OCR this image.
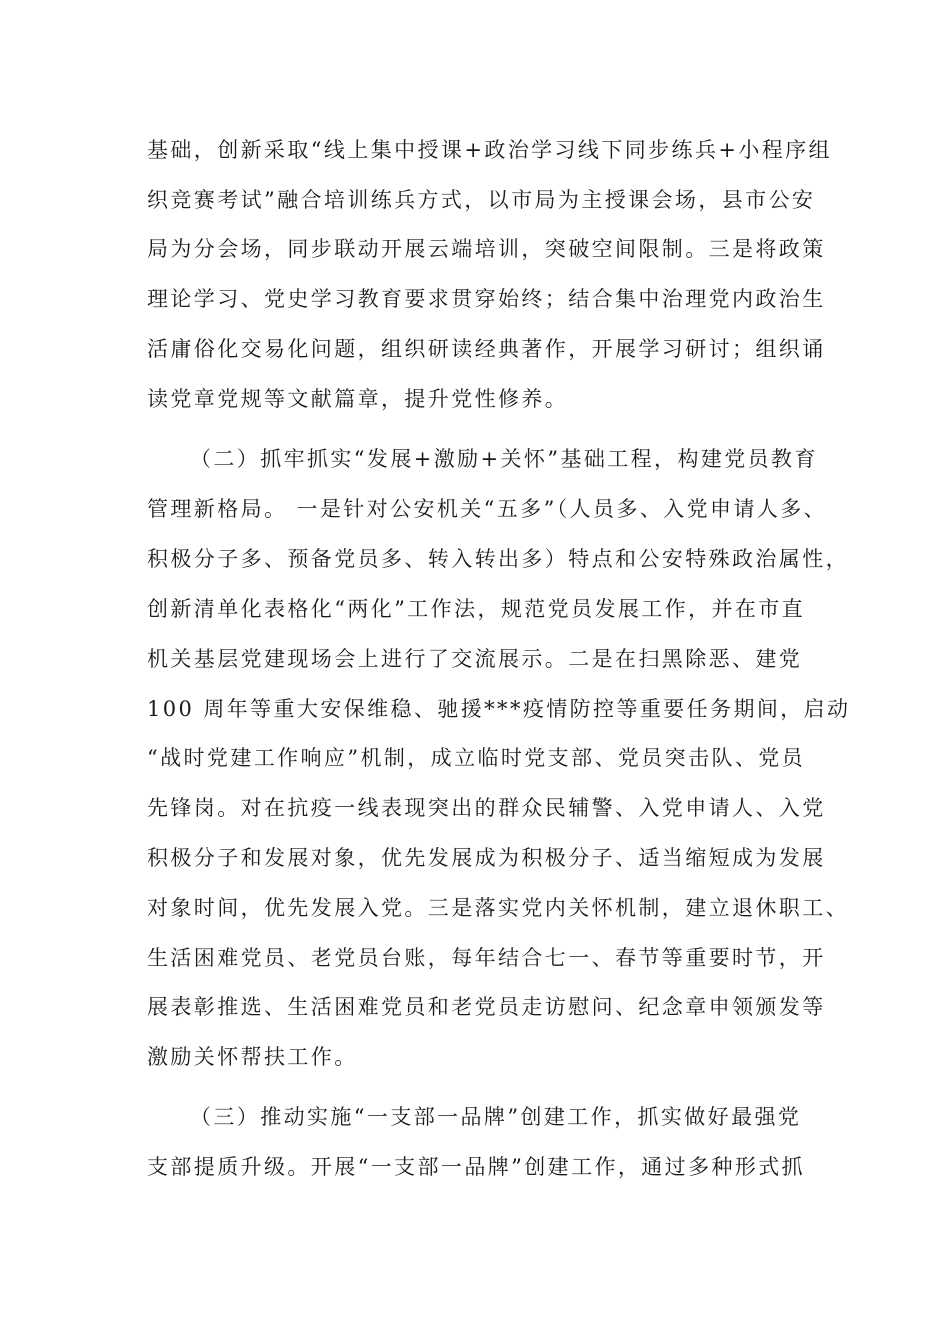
基础，创新采取“线上集中授课+政治学习线下同步练兵+小程序组
织竞赛考试”融合培训练兵方式，以市局为主授课会场，县市公安
局为分会场，同步联动开展云端培训，突破空间限制。三是将政策
理论学习、党史学习教育要求贯穿始终；结合集中治理党内政治生
活庸俗化交易化问题，组织研读经典著作，开展学习研讨；组织诵
读党章党规等文献篇章，提升党性修养。
（二）抓牢抓实“发展+激励+关怀”基础工程，构建党员教育
管理新格局。 一是针对公安机关“五多”（人员多、入党申请人多、
积极分子多、预备党员多、转入转出多）特点和公安特殊政治属性，
创新清单化表格化“两化”工作法，规范党员发展工作，并在市直
机关基层党建现场会上进行了交流展示。二是在扫黑除恶、建党
100 周年等重大安保维稳、驰援***疫情防控等重要任务期间，启动
“战时党建工作响应”机制，成立临时党支部、党员突击队、党员
先锋岗。对在抗疫一线表现突出的群众民辅警、入党申请人、入党
积极分子和发展对象，优先发展成为积极分子、适当缩短成为发展
对象时间，优先发展入党。三是落实党内关怀机制，建立退休职工、
生活困难党员、老党员台账，每年结合七一、春节等重要时节，开
展表彰推选、生活困难党员和老党员走访慰问、纪念章申领颁发等
激励关怀帮扶工作。
（三）推动实施“一支部一品牌”创建工作，抓实做好最强党
支部提质升级。开展“一支部一品牌”创建工作，通过多种形式抓
